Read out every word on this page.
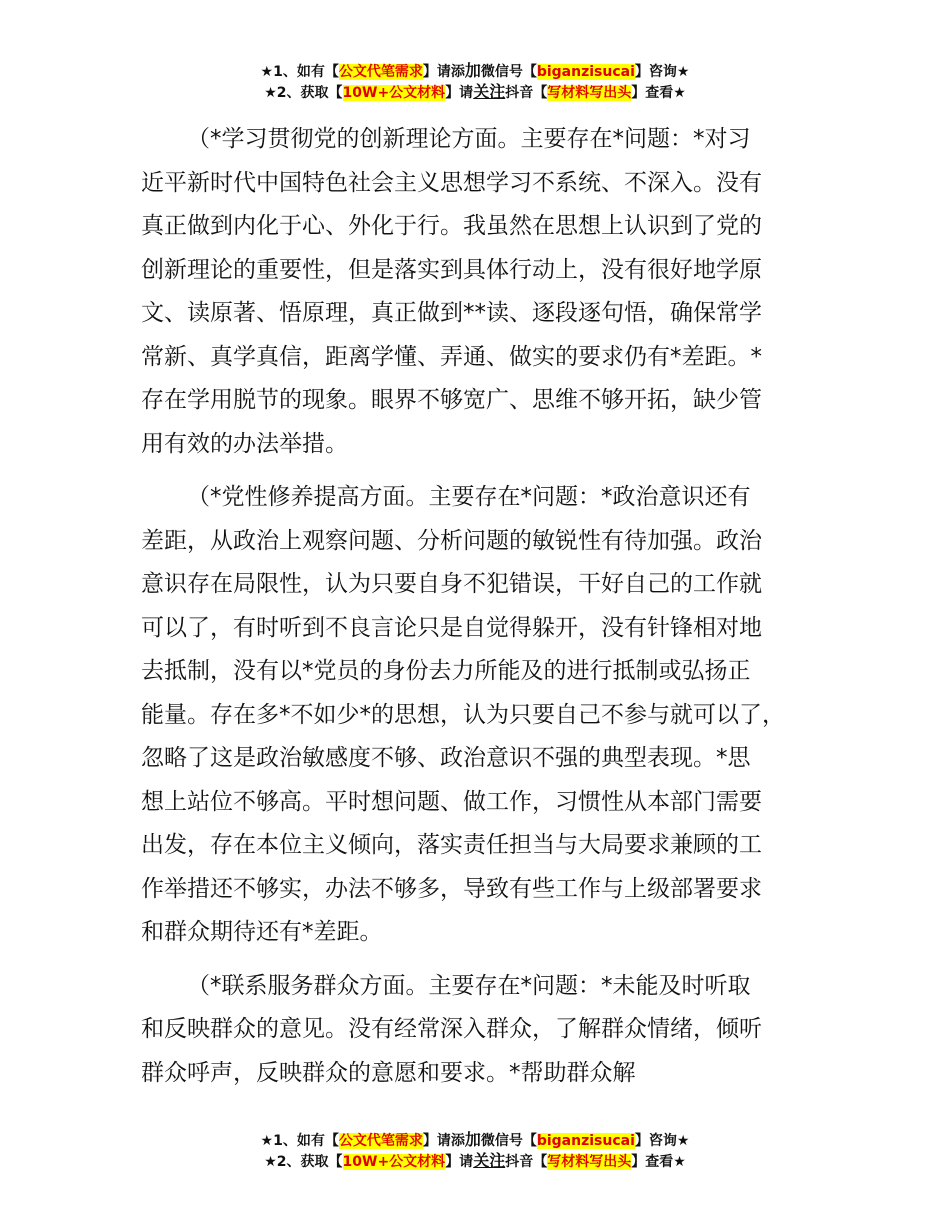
★1、如有【公文代笔需求】请添加微信号【biganzisucai】咨询★
★2、获取【10W+公文材料】请关注抖音【写材料写出头】查看★

（*学习贯彻党的创新理论方面。主要存在*问题：*对习
近平新时代中国特色社会主义思想学习不系统、不深入。没有
真正做到内化于心、外化于行。我虽然在思想上认识到了党的
创新理论的重要性，但是落实到具体行动上，没有很好地学原
文、读原著、悟原理，真正做到**读、逐段逐句悟，确保常学
常新、真学真信，距离学懂、弄通、做实的要求仍有*差距。*
存在学用脱节的现象。眼界不够宽广、思维不够开拓，缺少管
用有效的办法举措。

（*党性修养提高方面。主要存在*问题：*政治意识还有
差距，从政治上观察问题、分析问题的敏锐性有待加强。政治
意识存在局限性，认为只要自身不犯错误，干好自己的工作就
可以了，有时听到不良言论只是自觉得躲开，没有针锋相对地
去抵制，没有以*党员的身份去力所能及的进行抵制或弘扬正
能量。存在多*不如少*的思想，认为只要自己不参与就可以了，
忽略了这是政治敏感度不够、政治意识不强的典型表现。*思
想上站位不够高。平时想问题、做工作，习惯性从本部门需要
出发，存在本位主义倾向，落实责任担当与大局要求兼顾的工
作举措还不够实，办法不够多，导致有些工作与上级部署要求
和群众期待还有*差距。

（*联系服务群众方面。主要存在*问题：*未能及时听取
和反映群众的意见。没有经常深入群众，了解群众情绪，倾听
群众呼声，反映群众的意愿和要求。*帮助群众解

★1、如有【公文代笔需求】请添加微信号【biganzisucai】咨询★
★2、获取【10W+公文材料】请关注抖音【写材料写出头】查看★
